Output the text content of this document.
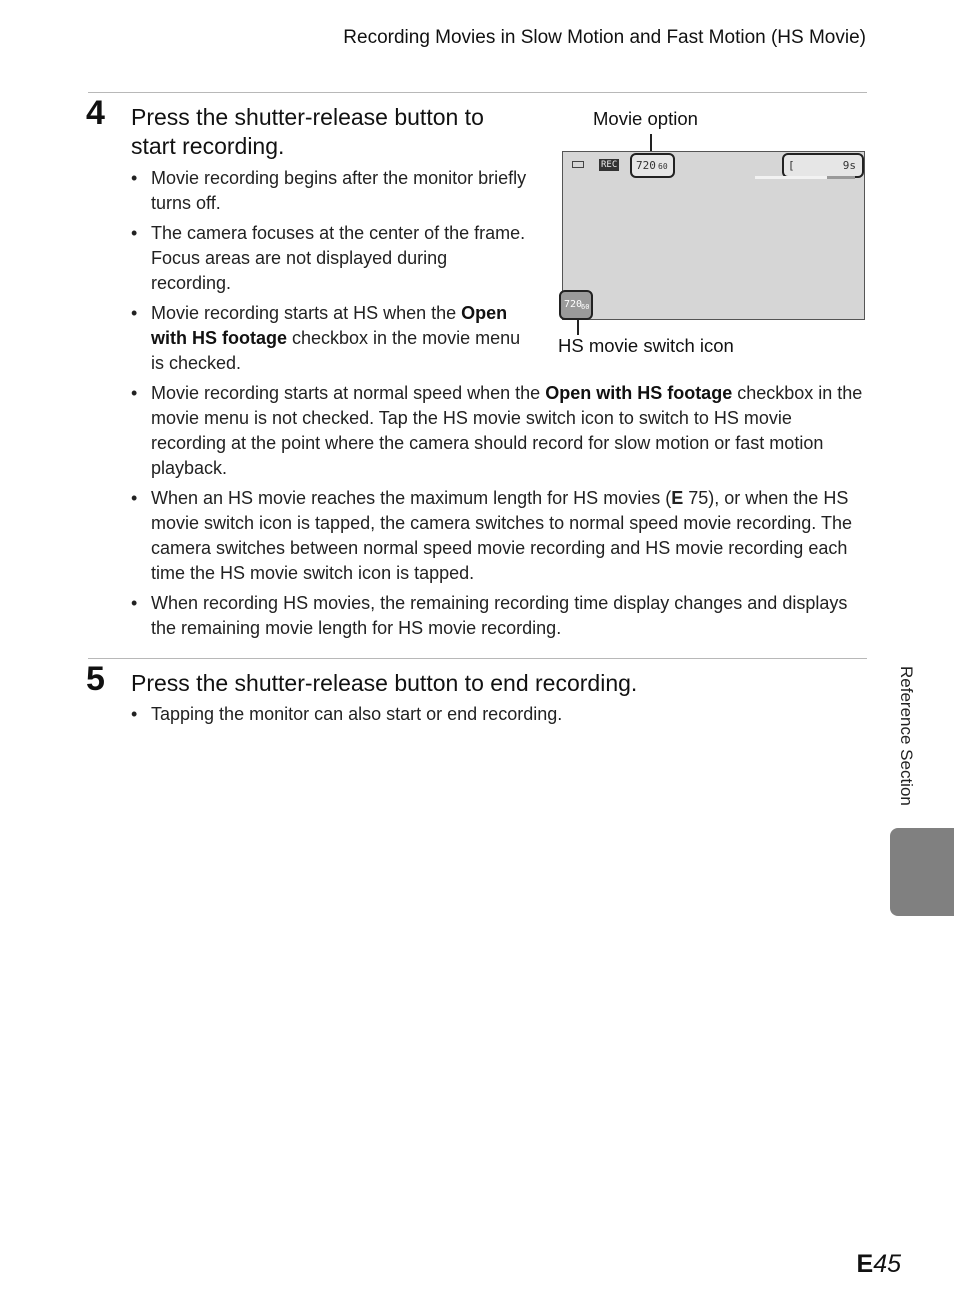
Recording Movies in Slow Motion and Fast Motion (HS Movie)
4 Press the shutter-release button to
start recording.
• Movie recording begins after the monitor briefly turns off.
• The camera focuses at the center of the frame. Focus areas are not displayed during recording.
• Movie recording starts at HS when the Open with HS footage checkbox in the movie menu is checked.
Movie option
REC 720 60	[	9s
720
60
HS movie switch icon
• Movie recording starts at normal speed when the Open with HS footage checkbox in the movie menu is not checked. Tap the HS movie switch icon to switch to HS movie recording at the point where the camera should record for slow motion or fast motion playback.
• When an HS movie reaches the maximum length for HS movies (E 75), or when the HS movie switch icon is tapped, the camera switches to normal speed movie recording. The camera switches between normal speed movie recording and HS movie recording each time the HS movie switch icon is tapped.
• When recording HS movies, the remaining recording time display changes and displays the remaining movie length for HS movie recording.
5 Press the shutter-release button to end recording.
• Tapping the monitor can also start or end recording.	Reference Section
E45
